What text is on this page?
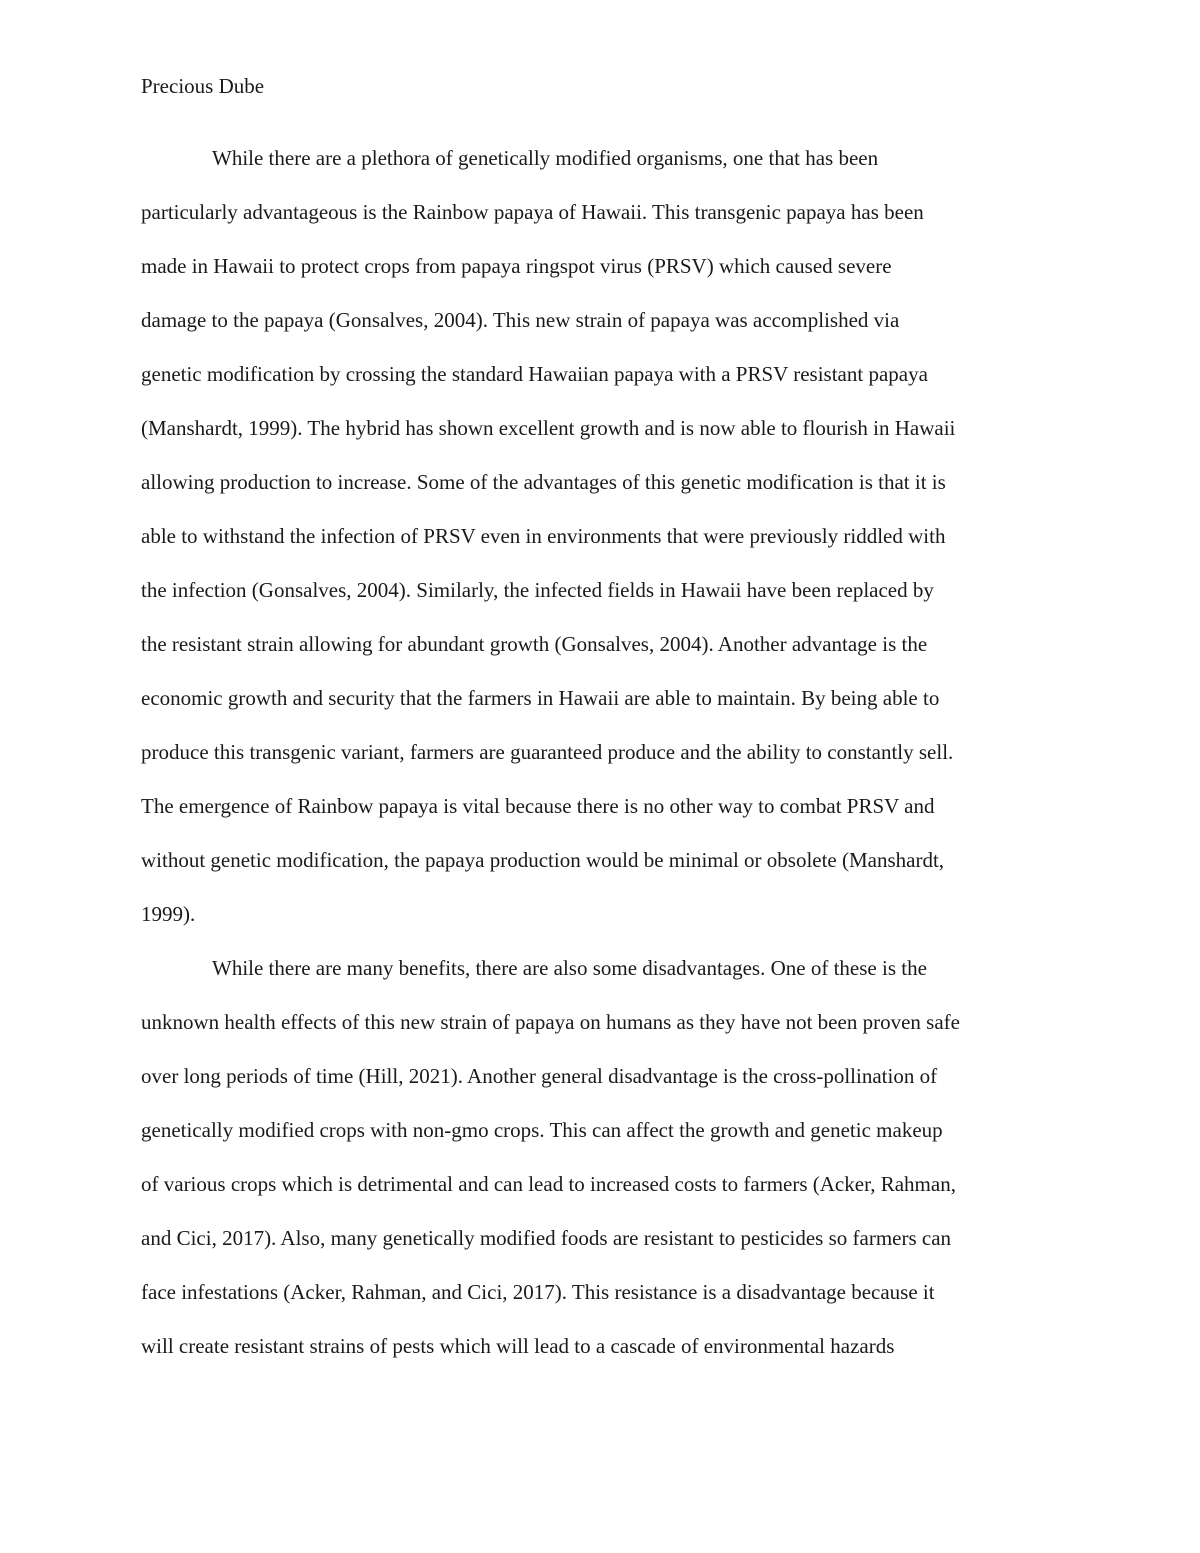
Precious Dube
While there are a plethora of genetically modified organisms, one that has been
particularly advantageous is the Rainbow papaya of Hawaii. This transgenic papaya has been
made in Hawaii to protect crops from papaya ringspot virus (PRSV) which caused severe
damage to the papaya (Gonsalves, 2004). This new strain of papaya was accomplished via
genetic modification by crossing the standard Hawaiian papaya with a PRSV resistant papaya
(Manshardt, 1999). The hybrid has shown excellent growth and is now able to flourish in Hawaii
allowing production to increase. Some of the advantages of this genetic modification is that it is
able to withstand the infection of PRSV even in environments that were previously riddled with
the infection (Gonsalves, 2004). Similarly, the infected fields in Hawaii have been replaced by
the resistant strain allowing for abundant growth (Gonsalves, 2004). Another advantage is the
economic growth and security that the farmers in Hawaii are able to maintain. By being able to
produce this transgenic variant, farmers are guaranteed produce and the ability to constantly sell.
The emergence of Rainbow papaya is vital because there is no other way to combat PRSV and
without genetic modification, the papaya production would be minimal or obsolete (Manshardt,
1999).
While there are many benefits, there are also some disadvantages. One of these is the
unknown health effects of this new strain of papaya on humans as they have not been proven safe
over long periods of time (Hill, 2021). Another general disadvantage is the cross-pollination of
genetically modified crops with non-gmo crops. This can affect the growth and genetic makeup
of various crops which is detrimental and can lead to increased costs to farmers (Acker, Rahman,
and Cici, 2017). Also, many genetically modified foods are resistant to pesticides so farmers can
face infestations (Acker, Rahman, and Cici, 2017). This resistance is a disadvantage because it
will create resistant strains of pests which will lead to a cascade of environmental hazards
